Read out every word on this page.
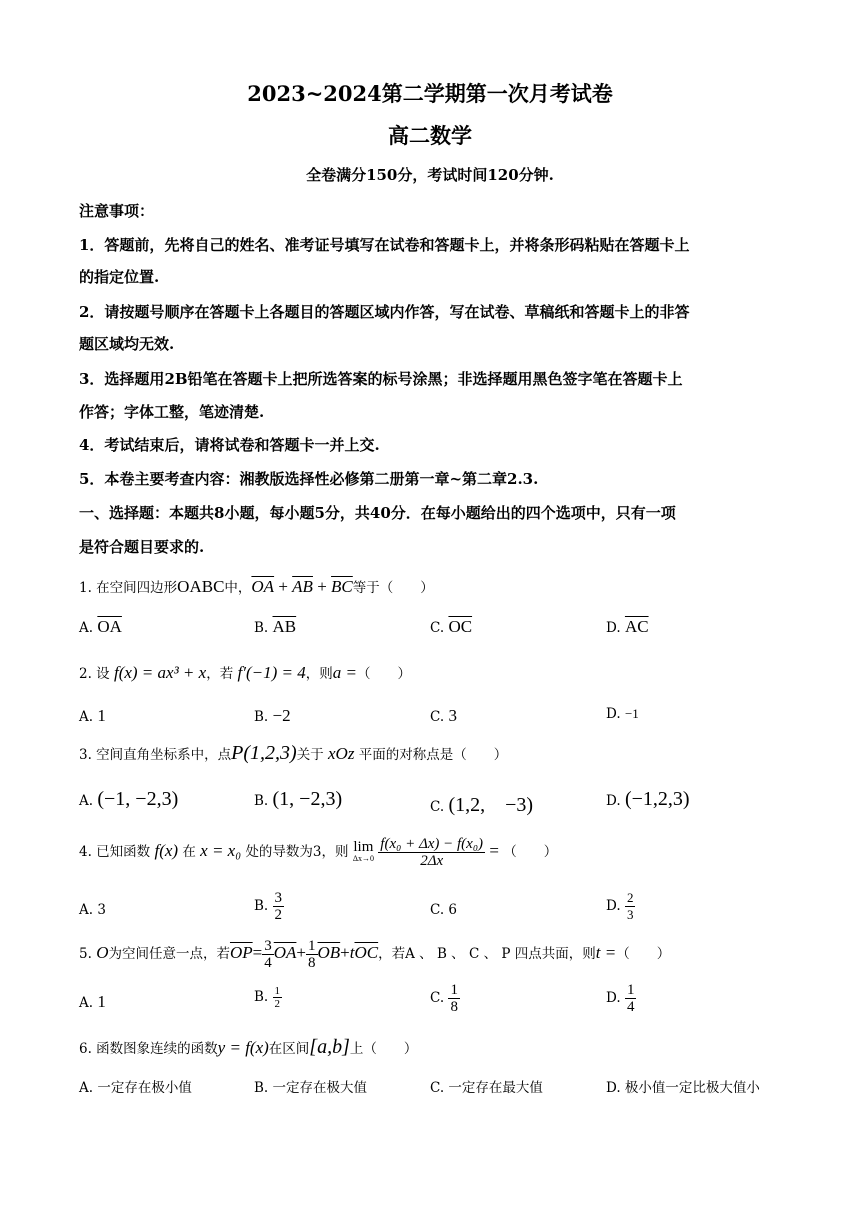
2023~2024第二学期第一次月考试卷
高二数学
全卷满分150分，考试时间120分钟.
注意事项：
1．答题前，先将自己的姓名、准考证号填写在试卷和答题卡上，并将条形码粘贴在答题卡上
的指定位置.
2．请按题号顺序在答题卡上各题目的答题区域内作答，写在试卷、草稿纸和答题卡上的非答
题区域均无效.
3．选择题用2B铅笔在答题卡上把所选答案的标号涂黑；非选择题用黑色签字笔在答题卡上
作答；字体工整，笔迹清楚.
4．考试结束后，请将试卷和答题卡一并上交.
5．本卷主要考查内容：湘教版选择性必修第二册第一章~第二章2.3.
一、选择题：本题共8小题，每小题5分，共40分．在每小题给出的四个选项中，只有一项
是符合题目要求的.
1. 在空间四边形OABC中，$\overline{OA} + \overline{AB} + \overline{BC}$等于（　　）
A. $\overline{OA}$	B. $\overline{AB}$	C. $\overline{OC}$	D. $\overline{AC}$
2. 设 f(x) = ax³ + x，若 f′(−1) = 4，则a =（　　）
A. 1	B. −2	C. 3	D. −1
3. 空间直角坐标系中，点P(1,2,3)关于 xOz 平面的对称点是（　　）
A. (−1, −2,3)	B. (1, −2,3)	C. (1,2,　−3)	D. (−1,2,3)
4. 已知函数 f(x) 在 x = x₀ 处的导数为3，则 lim
Δx→0
$\frac{\text{f(x₀ + Δx) − f(x₀)}}{2\Delta x}$ = （　　）
A. 3	B. $\frac{3}{2}$	C. 6	D. $\frac{2}{3}$
5. O为空间任意一点，若$\overline{OP}= \frac{3}{4} \overline{OA}+ \frac{1}{8} \overline{OB}+t\overline{OC}$，若A 、 B 、 C 、 P 四点共面，则t =（　　）
A. 1	B. $\frac{1}{2}$	C. $\frac{1}{8}$	D. $\frac{1}{4}$
6. 函数图象连续的函数y = f(x)在区间[a,b]上（　　）
A. 一定存在极小值	B. 一定存在极大值	C. 一定存在最大值	D. 极小值一定比极大值小
